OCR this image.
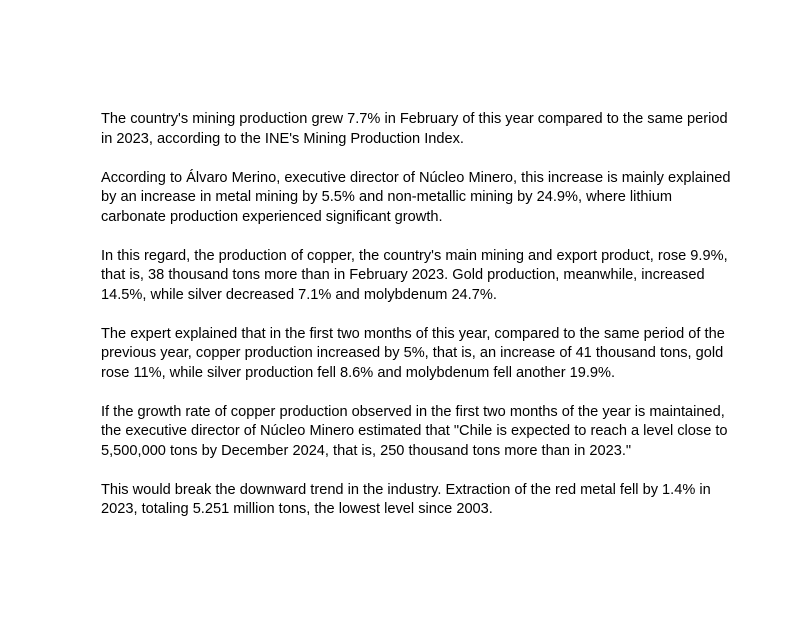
The country's mining production grew 7.7% in February of this year compared to the same period in 2023, according to the INE's Mining Production Index.

According to Álvaro Merino, executive director of Núcleo Minero, this increase is mainly explained by an increase in metal mining by 5.5% and non-metallic mining by 24.9%, where lithium carbonate production experienced significant growth.

In this regard, the production of copper, the country's main mining and export product, rose 9.9%, that is, 38 thousand tons more than in February 2023. Gold production, meanwhile, increased 14.5%, while silver decreased 7.1% and molybdenum 24.7%.

The expert explained that in the first two months of this year, compared to the same period of the previous year, copper production increased by 5%, that is, an increase of 41 thousand tons, gold rose 11%, while silver production fell 8.6% and molybdenum fell another 19.9%.

If the growth rate of copper production observed in the first two months of the year is maintained, the executive director of Núcleo Minero estimated that "Chile is expected to reach a level close to 5,500,000 tons by December 2024, that is, 250 thousand tons more than in 2023."

This would break the downward trend in the industry. Extraction of the red metal fell by 1.4% in 2023, totaling 5.251 million tons, the lowest level since 2003.
